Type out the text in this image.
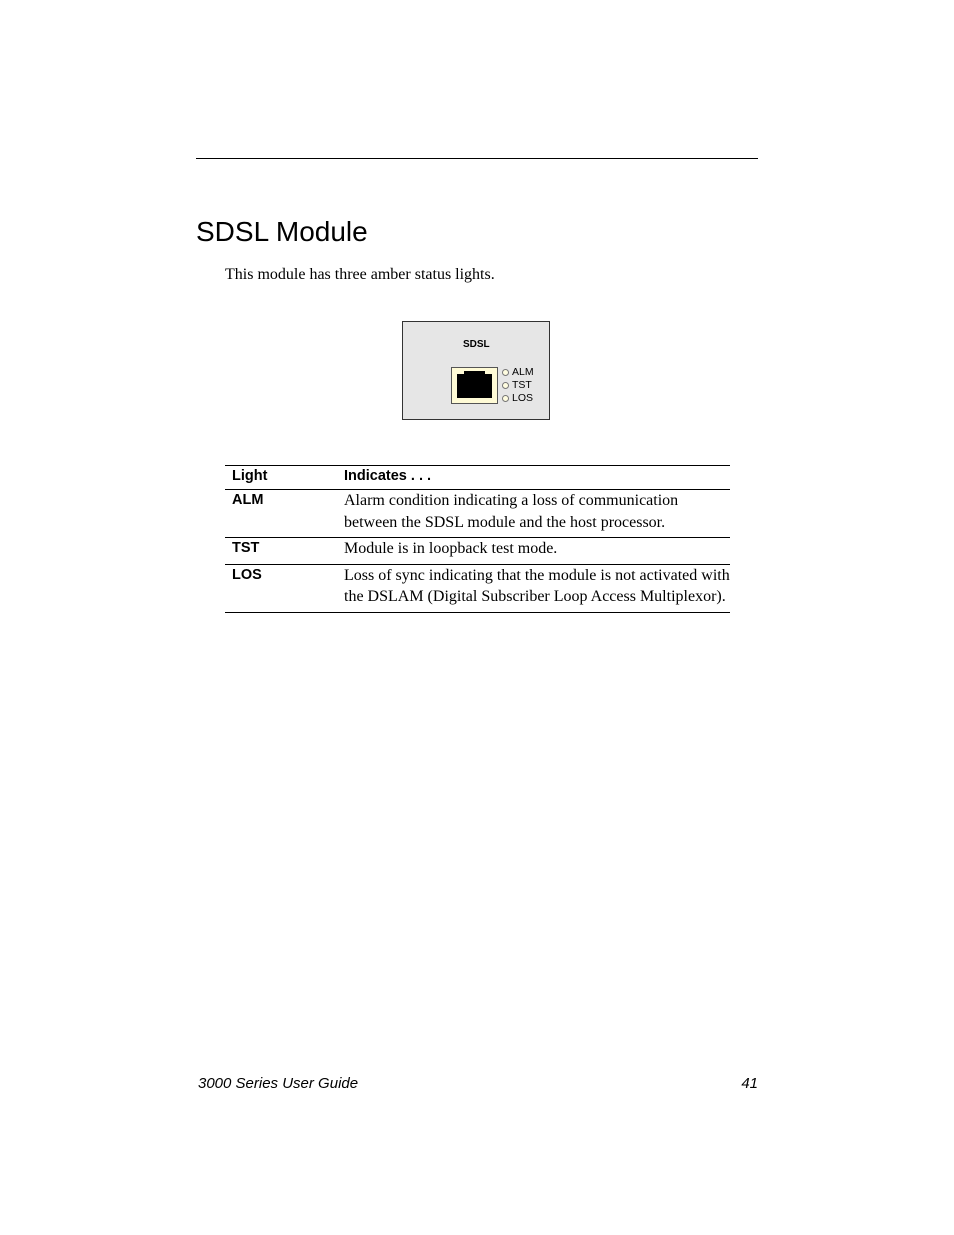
SDSL Module

This module has three amber status lights.

SDSL
ALM
TST
LOS
Light	Indicates . . .
ALM	Alarm condition indicating a loss of communication between the SDSL module and the host processor.
TST	Module is in loopback test mode.
LOS	Loss of sync indicating that the module is not activated with the DSLAM (Digital Subscriber Loop Access Multiplexor).
3000 Series User Guide	41
